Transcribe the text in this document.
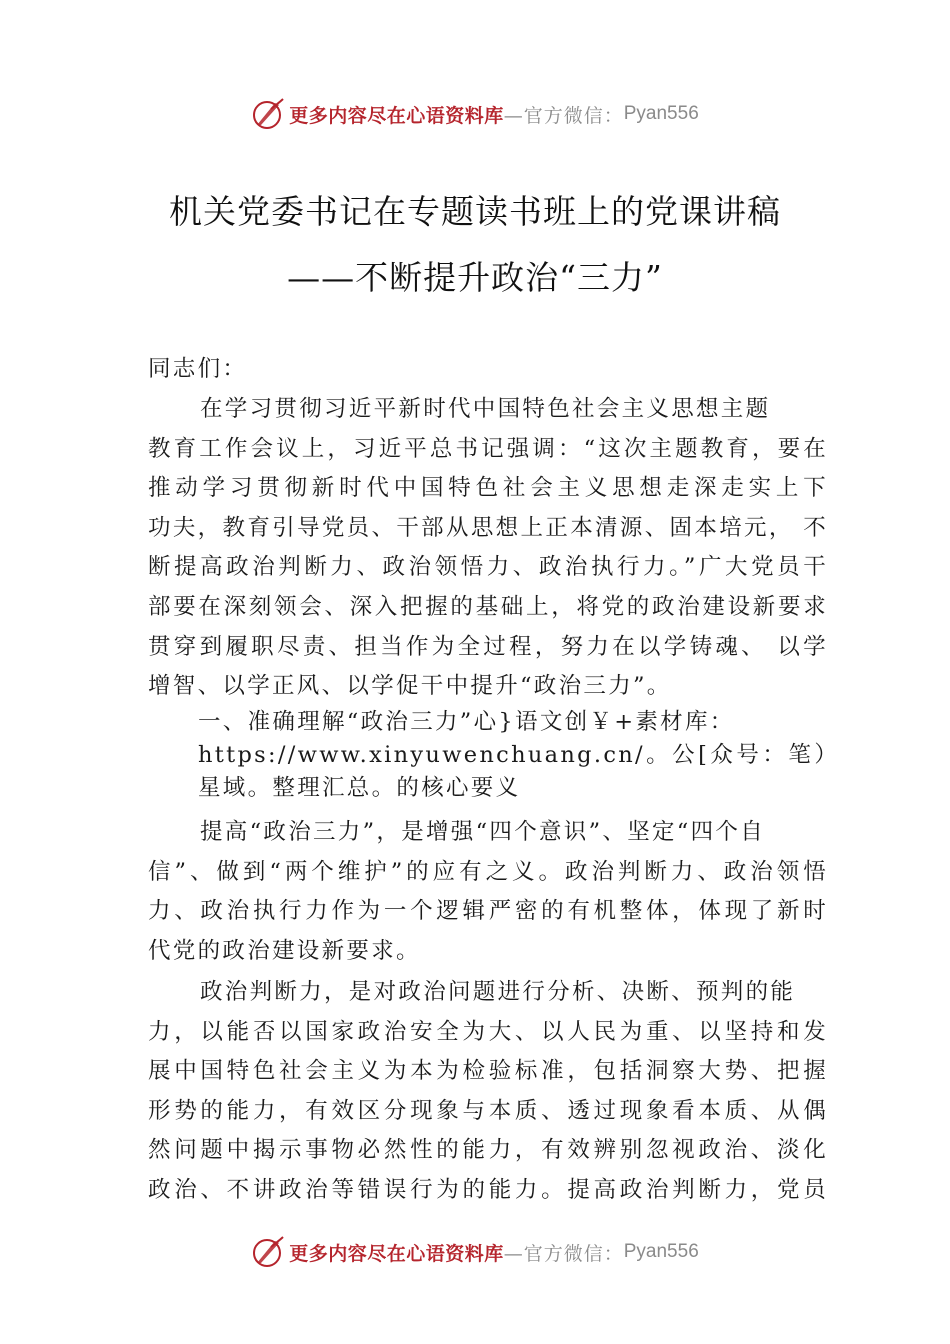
更多内容尽在心语资料库 —官方微信： Pyan556
机关党委书记在专题读书班上的党课讲稿
——不断提升政治“三力”
同志们：
在学习贯彻习近平新时代中国特色社会主义思想主题
教育工作会议上，习近平总书记强调：“这次主题教育，要在
推动学习贯彻新时代中国特色社会主义思想走深走实上下
功夫，教育引导党员、干部从思想上正本清源、固本培元， 不
断提高政治判断力、政治领悟力、政治执行力。”广大党员干
部要在深刻领会、深入把握的基础上，将党的政治建设新要求
贯穿到履职尽责、担当作为全过程，努力在以学铸魂、 以学
增智、以学正风、以学促干中提升“政治三力”。
一、准确理解“政治三力”心}语文创￥+素材库：
https://www.xinyuwenchuang.cn/。公[众号：笔）
星域。整理汇总。的核心要义
提高“政治三力”，是增强“四个意识”、坚定“四个自
信”、做到“两个维护”的应有之义。政治判断力、政治领悟
力、政治执行力作为一个逻辑严密的有机整体，体现了新时
代党的政治建设新要求。
政治判断力，是对政治问题进行分析、决断、预判的能
力，以能否以国家政治安全为大、以人民为重、以坚持和发
展中国特色社会主义为本为检验标准，包括洞察大势、把握
形势的能力，有效区分现象与本质、透过现象看本质、从偶
然问题中揭示事物必然性的能力，有效辨别忽视政治、淡化
政治、不讲政治等错误行为的能力。提高政治判断力，党员
更多内容尽在心语资料库 —官方微信： Pyan556
